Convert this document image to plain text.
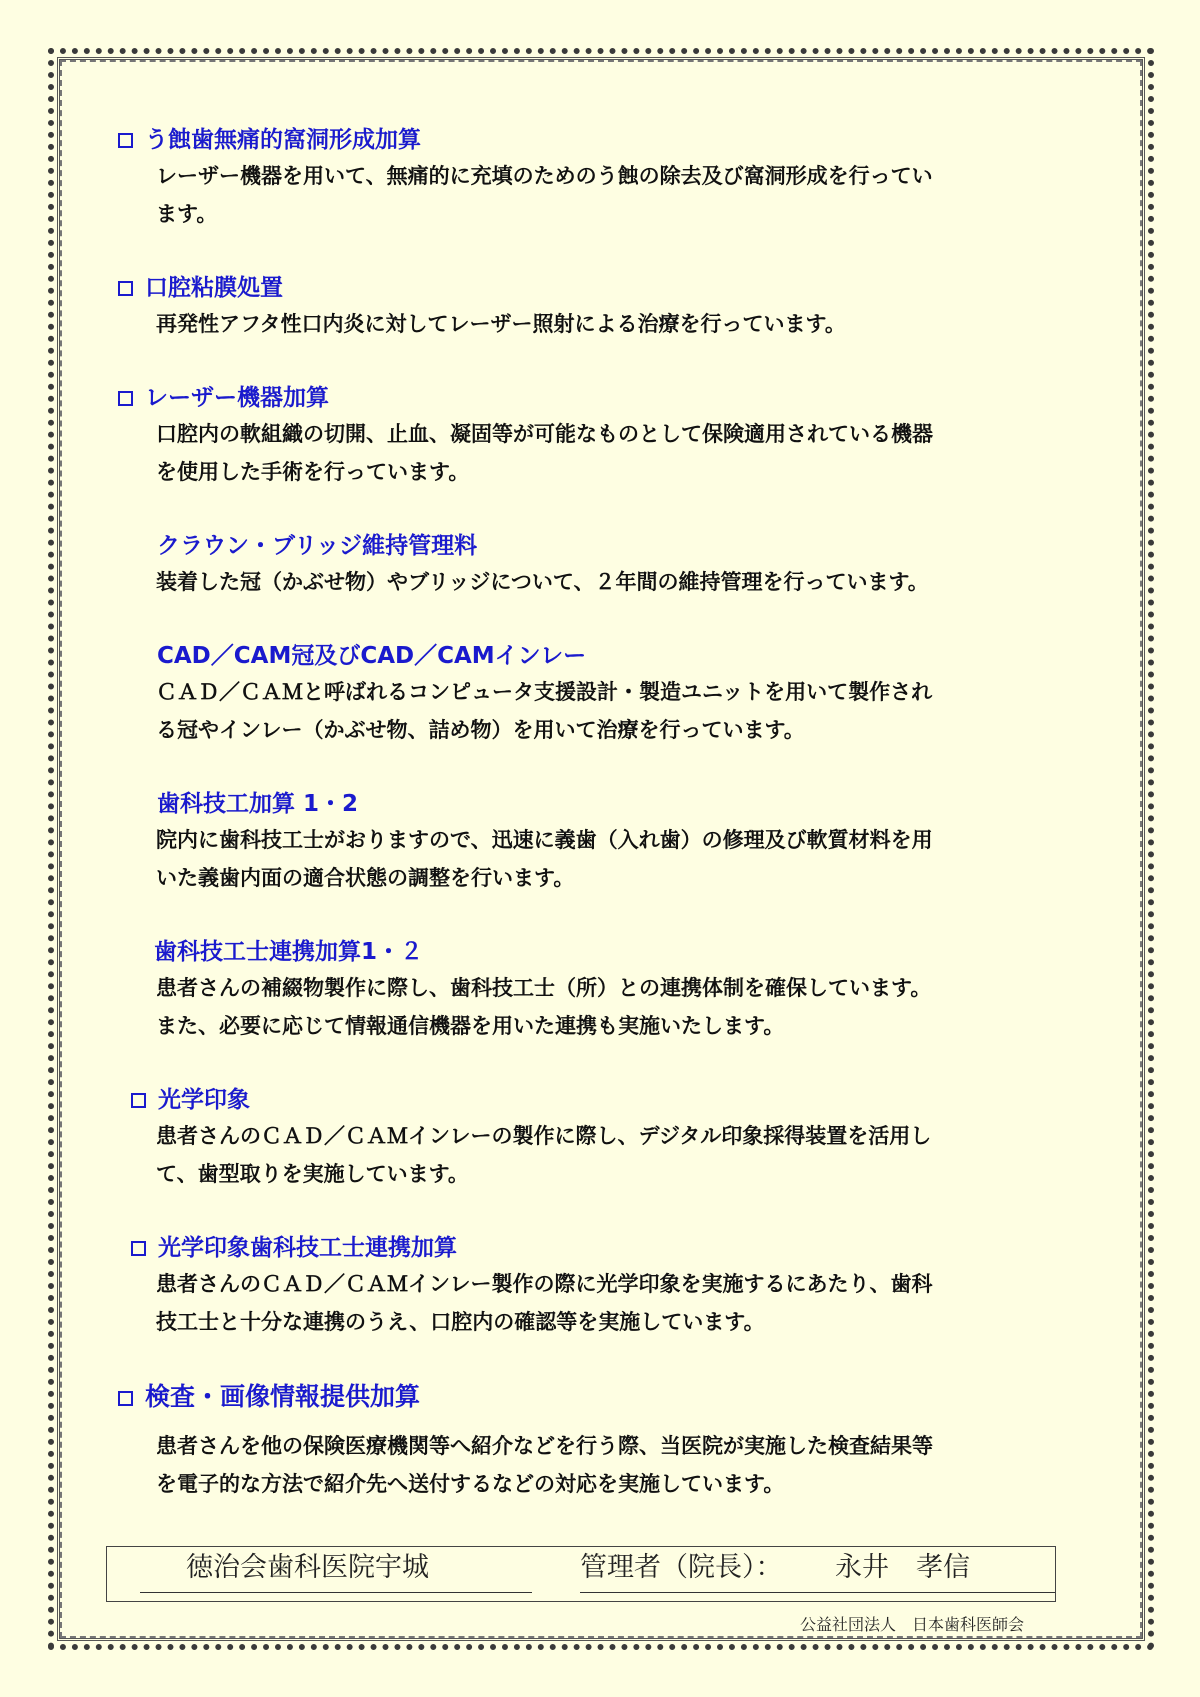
う蝕歯無痛的窩洞形成加算
レーザー機器を用いて、無痛的に充填のためのう蝕の除去及び窩洞形成を行ってい
ます。
口腔粘膜処置
再発性アフタ性口内炎に対してレーザー照射による治療を行っています。
レーザー機器加算
口腔内の軟組織の切開、止血、凝固等が可能なものとして保険適用されている機器
を使用した手術を行っています。
クラウン・ブリッジ維持管理料
装着した冠（かぶせ物）やブリッジについて、２年間の維持管理を行っています。
CAD／CAM冠及びCAD／CAMインレー
ＣＡＤ／ＣＡＭと呼ばれるコンピュータ支援設計・製造ユニットを用いて製作され
る冠やインレー（かぶせ物、詰め物）を用いて治療を行っています。
歯科技工加算 1・2
院内に歯科技工士がおりますので、迅速に義歯（入れ歯）の修理及び軟質材料を用
いた義歯内面の適合状態の調整を行います。
歯科技工士連携加算1・２
患者さんの補綴物製作に際し、歯科技工士（所）との連携体制を確保しています。
また、必要に応じて情報通信機器を用いた連携も実施いたします。
光学印象
患者さんのＣＡＤ／ＣＡＭインレーの製作に際し、デジタル印象採得装置を活用し
て、歯型取りを実施しています。
光学印象歯科技工士連携加算
患者さんのＣＡＤ／ＣＡＭインレー製作の際に光学印象を実施するにあたり、歯科
技工士と十分な連携のうえ、口腔内の確認等を実施しています。
検査・画像情報提供加算
患者さんを他の保険医療機関等へ紹介などを行う際、当医院が実施した検査結果等
を電子的な方法で紹介先へ送付するなどの対応を実施しています。
徳治会歯科医院宇城	管理者（院長）： 永井　孝信
公益社団法人　日本歯科医師会
